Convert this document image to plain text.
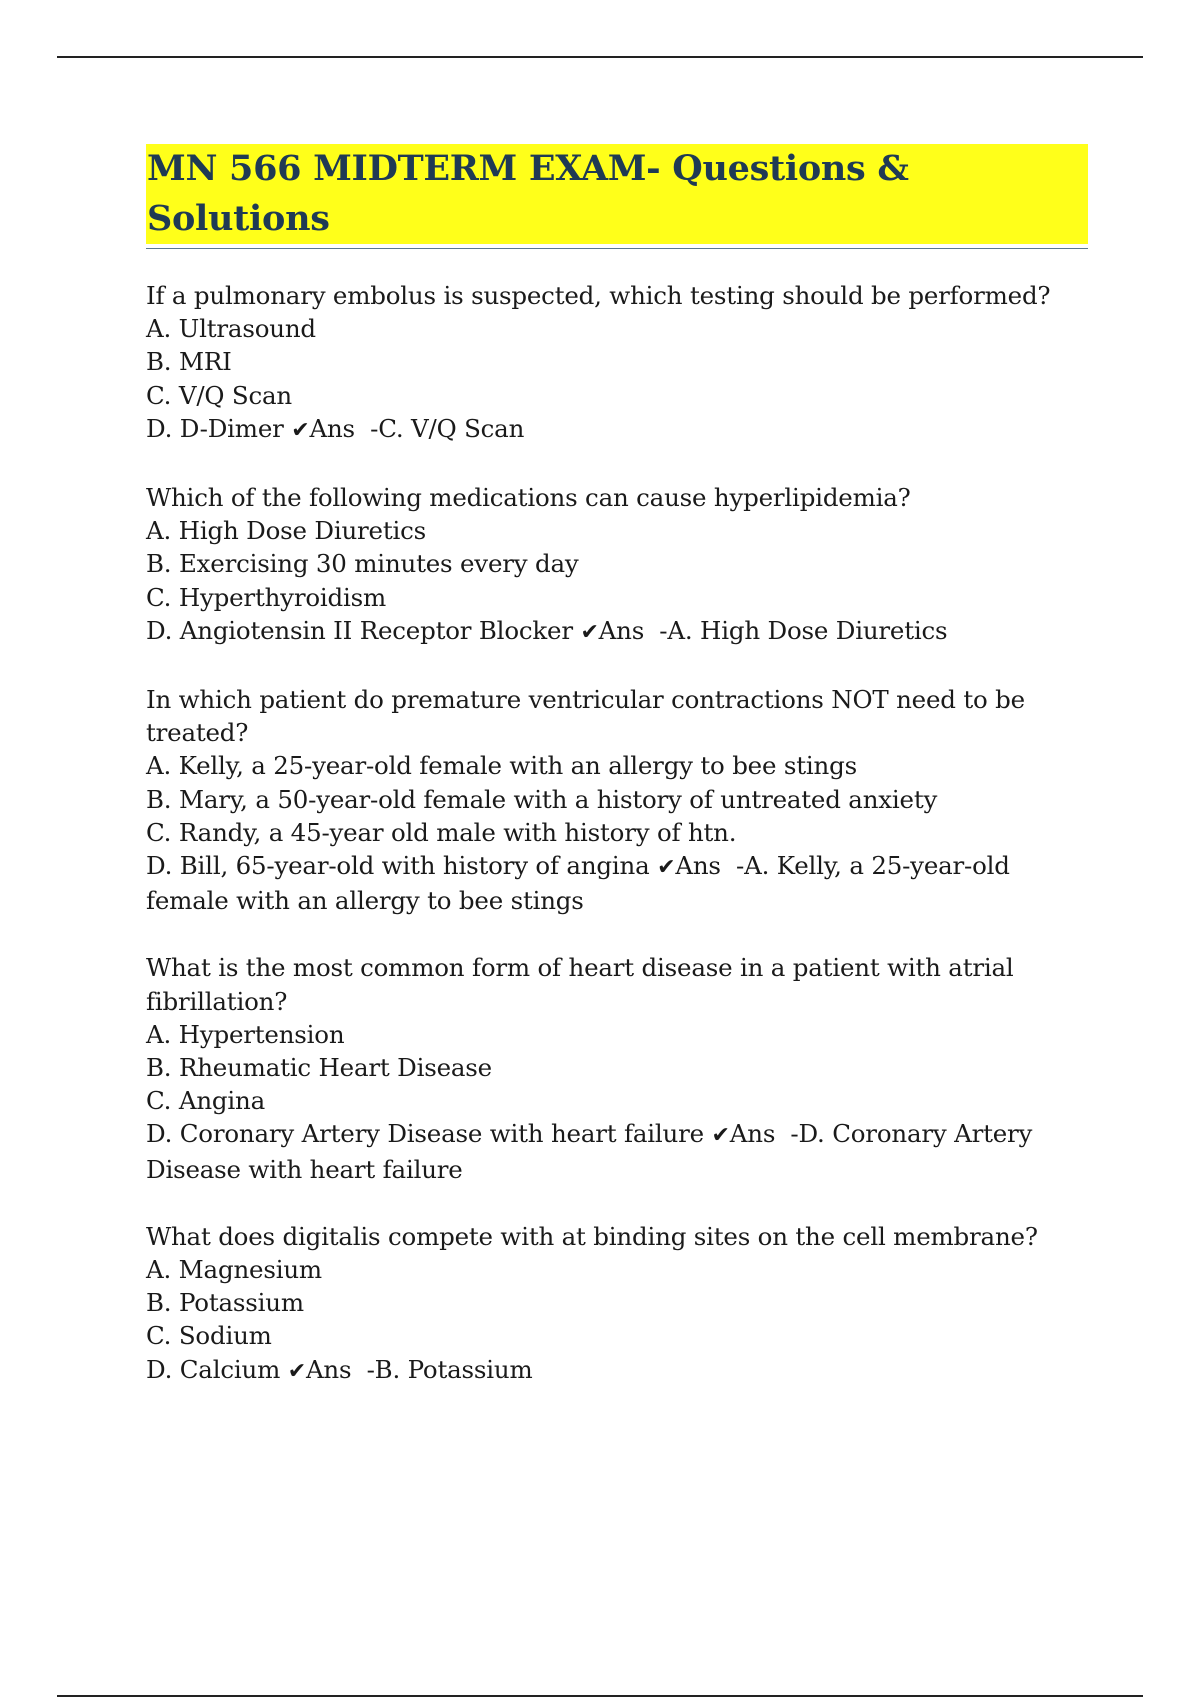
MN 566 MIDTERM EXAM- Questions & Solutions
If a pulmonary embolus is suspected, which testing should be performed?
A. Ultrasound
B. MRI
C. V/Q Scan
D. D-Dimer ✔Ans  -C. V/Q Scan
Which of the following medications can cause hyperlipidemia?
A. High Dose Diuretics
B. Exercising 30 minutes every day
C. Hyperthyroidism
D. Angiotensin II Receptor Blocker ✔Ans  -A. High Dose Diuretics
In which patient do premature ventricular contractions NOT need to be treated?
A. Kelly, a 25-year-old female with an allergy to bee stings
B. Mary, a 50-year-old female with a history of untreated anxiety
C. Randy, a 45-year old male with history of htn.
D. Bill, 65-year-old with history of angina ✔Ans  -A. Kelly, a 25-year-old female with an allergy to bee stings
What is the most common form of heart disease in a patient with atrial fibrillation?
A. Hypertension
B. Rheumatic Heart Disease
C. Angina
D. Coronary Artery Disease with heart failure ✔Ans  -D. Coronary Artery Disease with heart failure
What does digitalis compete with at binding sites on the cell membrane?
A. Magnesium
B. Potassium
C. Sodium
D. Calcium ✔Ans  -B. Potassium
